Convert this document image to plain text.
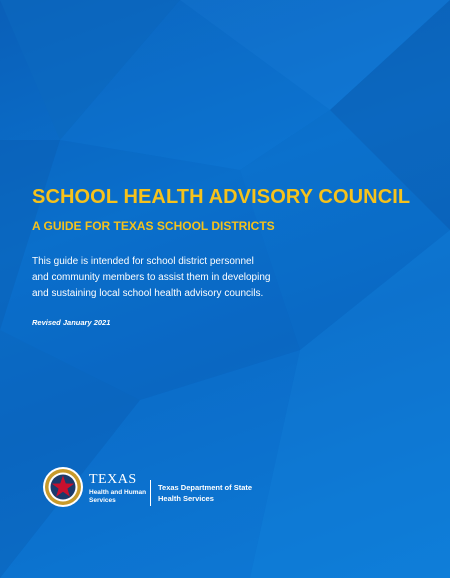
SCHOOL HEALTH ADVISORY COUNCIL
A GUIDE FOR TEXAS SCHOOL DISTRICTS

This guide is intended for school district personnel
and community members to assist them in developing
and sustaining local school health advisory councils.

Revised January 2021

TEXAS
Health and Human
Services
Texas Department of State
Health Services
